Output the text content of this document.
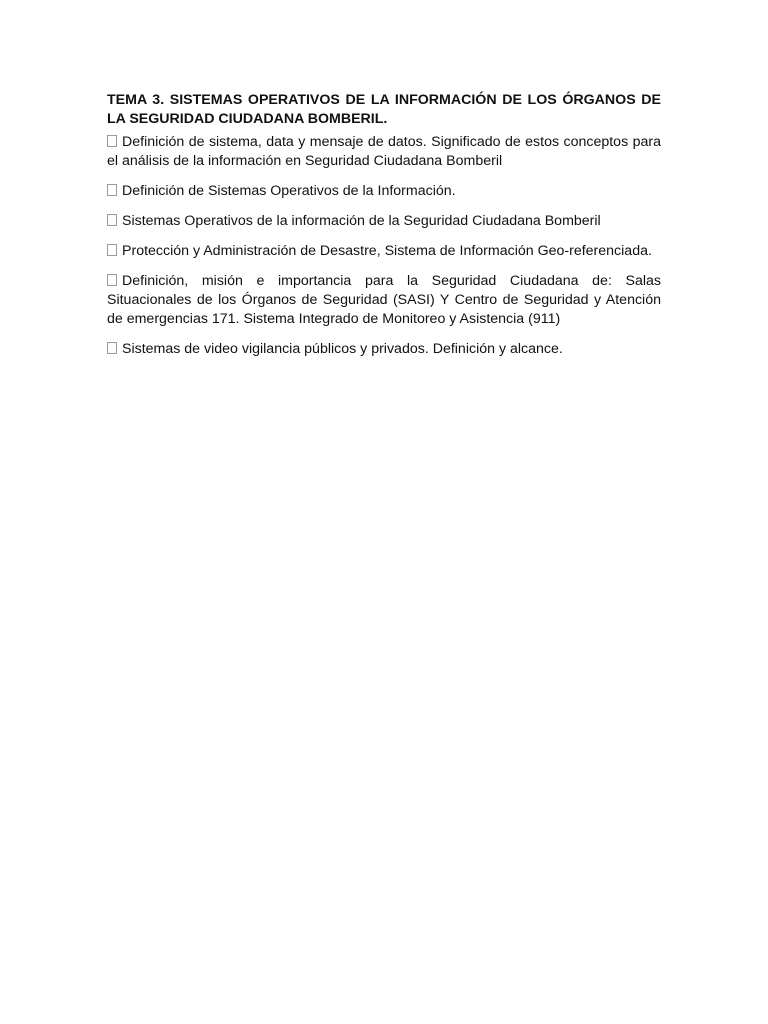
TEMA 3. SISTEMAS OPERATIVOS DE LA INFORMACIÓN DE LOS ÓRGANOS DE LA SEGURIDAD CIUDADANA BOMBERIL.

Definición de sistema, data y mensaje de datos. Significado de estos conceptos para el análisis de la información en Seguridad Ciudadana Bomberil

Definición de Sistemas Operativos de la Información.

Sistemas Operativos de la información de la Seguridad Ciudadana Bomberil

Protección y Administración de Desastre, Sistema de Información Geo-referenciada.

Definición, misión e importancia para la Seguridad Ciudadana de: Salas Situacionales de los Órganos de Seguridad (SASI) Y Centro de Seguridad y Atención de emergencias 171. Sistema Integrado de Monitoreo y Asistencia (911)

Sistemas de video vigilancia públicos y privados. Definición y alcance.
